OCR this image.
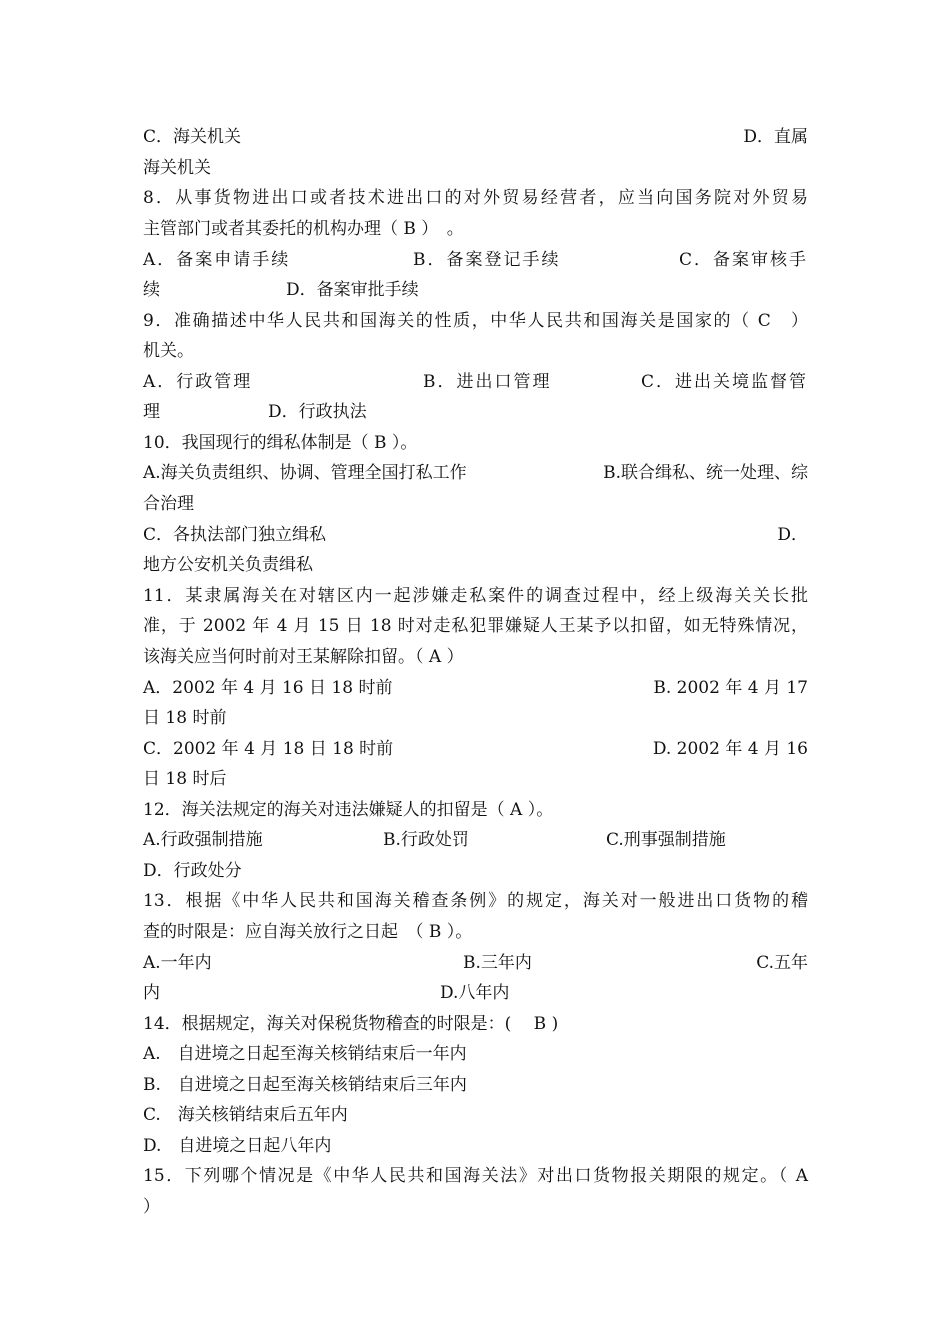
C．海关机关	D．直属
海关机关
8．从事货物进出口或者技术进出口的对外贸易经营者，应当向国务院对外贸易
主管部门或者其委托的机构办理（ B ）　。
A．备案申请手续	B．备案登记手续	C．备案审核手
续	D．备案审批手续
9．准确描述中华人民共和国海关的性质，中华人民共和国海关是国家的（ C　）
机关。
A．行政管理	B．进出口管理	C．进出关境监督管
理	D．行政执法
10．我国现行的缉私体制是（ B ）。
A.海关负责组织、协调、管理全国打私工作	B.联合缉私、统一处理、综
合治理
C．各执法部门独立缉私	D．
地方公安机关负责缉私
11．某隶属海关在对辖区内一起涉嫌走私案件的调查过程中，经上级海关关长批
准，于 2002 年 4 月 15 日 18 时对走私犯罪嫌疑人王某予以扣留，如无特殊情况，
该海关应当何时前对王某解除扣留。（ A ）
A．2002 年 4 月 16 日 18 时前	B. 2002 年 4 月 17
日 18 时前
C．2002 年 4 月 18 日 18 时前	D. 2002 年 4 月 16
日 18 时后
12．海关法规定的海关对违法嫌疑人的扣留是（ A ）。
A.行政强制措施	B.行政处罚	C.刑事强制措施
D．行政处分
13．根据《中华人民共和国海关稽查条例》的规定，海关对一般进出口货物的稽
查的时限是：应自海关放行之日起　（ B ）。
A.一年内	B.三年内	C.五年
内	D.八年内
14．根据规定，海关对保税货物稽查的时限是：(　 B )
A.　自进境之日起至海关核销结束后一年内
B.　自进境之日起至海关核销结束后三年内
C.　海关核销结束后五年内
D.　自进境之日起八年内
15．下列哪个情况是《中华人民共和国海关法》对出口货物报关期限的规定。（ A
）
